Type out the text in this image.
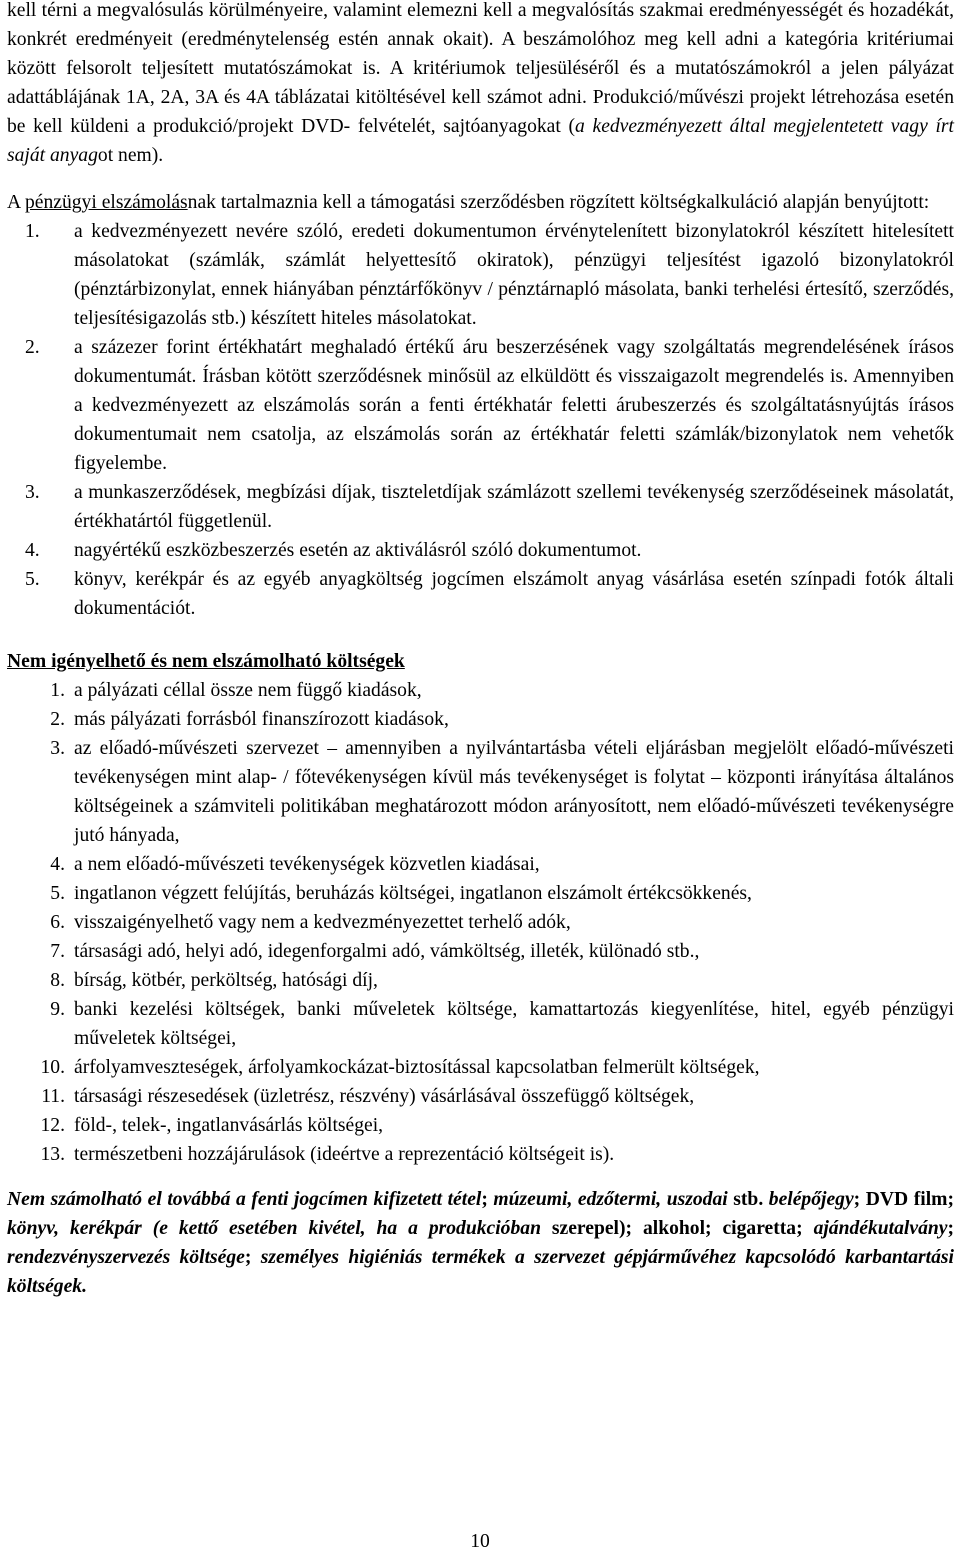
kell térni a megvalósulás körülményeire, valamint elemezni kell a megvalósítás szakmai eredményességét és hozadékát, konkrét eredményeit (eredménytelenség estén annak okait). A beszámolóhoz meg kell adni a kategória kritériumai között felsorolt teljesített mutatószámokat is. A kritériumok teljesüléséről és a mutatószámokról a jelen pályázat adattáblájának 1A, 2A, 3A és 4A táblázatai kitöltésével kell számot adni. Produkció/művészi projekt létrehozása esetén be kell küldeni a produkció/projekt DVD- felvételét, sajtóanyagokat (a kedvezményezett által megjelentetett vagy írt saját anyagot nem).

A pénzügyi elszámolásnak tartalmaznia kell a támogatási szerződésben rögzített költségkalkuláció alapján benyújtott:

1.	a kedvezményezett nevére szóló, eredeti dokumentumon érvénytelenített bizonylatokról készített hitelesített másolatokat (számlák, számlát helyettesítő okiratok), pénzügyi teljesítést igazoló bizonylatokról (pénztárbizonylat, ennek hiányában pénztárfőkönyv / pénztárnapló másolata, banki terhelési értesítő, szerződés, teljesítésigazolás stb.) készített hiteles másolatokat.
2.	a százezer forint értékhatárt meghaladó értékű áru beszerzésének vagy szolgáltatás megrendelésének írásos dokumentumát. Írásban kötött szerződésnek minősül az elküldött és visszaigazolt megrendelés is. Amennyiben a kedvezményezett az elszámolás során a fenti értékhatár feletti árubeszerzés és szolgáltatásnyújtás írásos dokumentumait nem csatolja, az elszámolás során az értékhatár feletti számlák/bizonylatok nem vehetők figyelembe.
3.	a munkaszerződések, megbízási díjak, tiszteletdíjak számlázott szellemi tevékenység szerződéseinek másolatát, értékhatártól függetlenül.
4.	nagyértékű eszközbeszerzés esetén az aktiválásról szóló dokumentumot.
5.	könyv, kerékpár és az egyéb anyagköltség jogcímen elszámolt anyag vásárlása esetén színpadi fotók általi dokumentációt.

Nem igényelhető és nem elszámolható költségek

1. a pályázati céllal össze nem függő kiadások,
2. más pályázati forrásból finanszírozott kiadások,
3. az előadó-művészeti szervezet – amennyiben a nyilvántartásba vételi eljárásban megjelölt előadó-művészeti tevékenységen mint alap- / főtevékenységen kívül más tevékenységet is folytat – központi irányítása általános költségeinek a számviteli politikában meghatározott módon arányosított, nem előadó-művészeti tevékenységre jutó hányada,
4. a nem előadó-művészeti tevékenységek közvetlen kiadásai,
5. ingatlanon végzett felújítás, beruházás költségei, ingatlanon elszámolt értékcsökkenés,
6. visszaigényelhető vagy nem a kedvezményezettet terhelő adók,
7. társasági adó, helyi adó, idegenforgalmi adó, vámköltség, illeték, különadó stb.,
8. bírság, kötbér, perköltség, hatósági díj,
9. banki kezelési költségek, banki műveletek költsége, kamattartozás kiegyenlítése, hitel, egyéb pénzügyi műveletek költségei,
10. árfolyamveszteségek, árfolyamkockázat-biztosítással kapcsolatban felmerült költségek,
11. társasági részesedések (üzletrész, részvény) vásárlásával összefüggő költségek,
12. föld-, telek-, ingatlanvásárlás költségei,
13. természetbeni hozzájárulások (ideértve a reprezentáció költségeit is).

Nem számolható el továbbá a fenti jogcímen kifizetett tétel; múzeumi, edzőtermi, uszodai stb. belépőjegy; DVD film; könyv, kerékpár (e kettő esetében kivétel, ha a produkcióban szerepel); alkohol; cigaretta; ajándékutalvány; rendezvényszervezés költsége; személyes higiéniás termékek a szervezet gépjárművéhez kapcsolódó karbantartási költségek.

10
